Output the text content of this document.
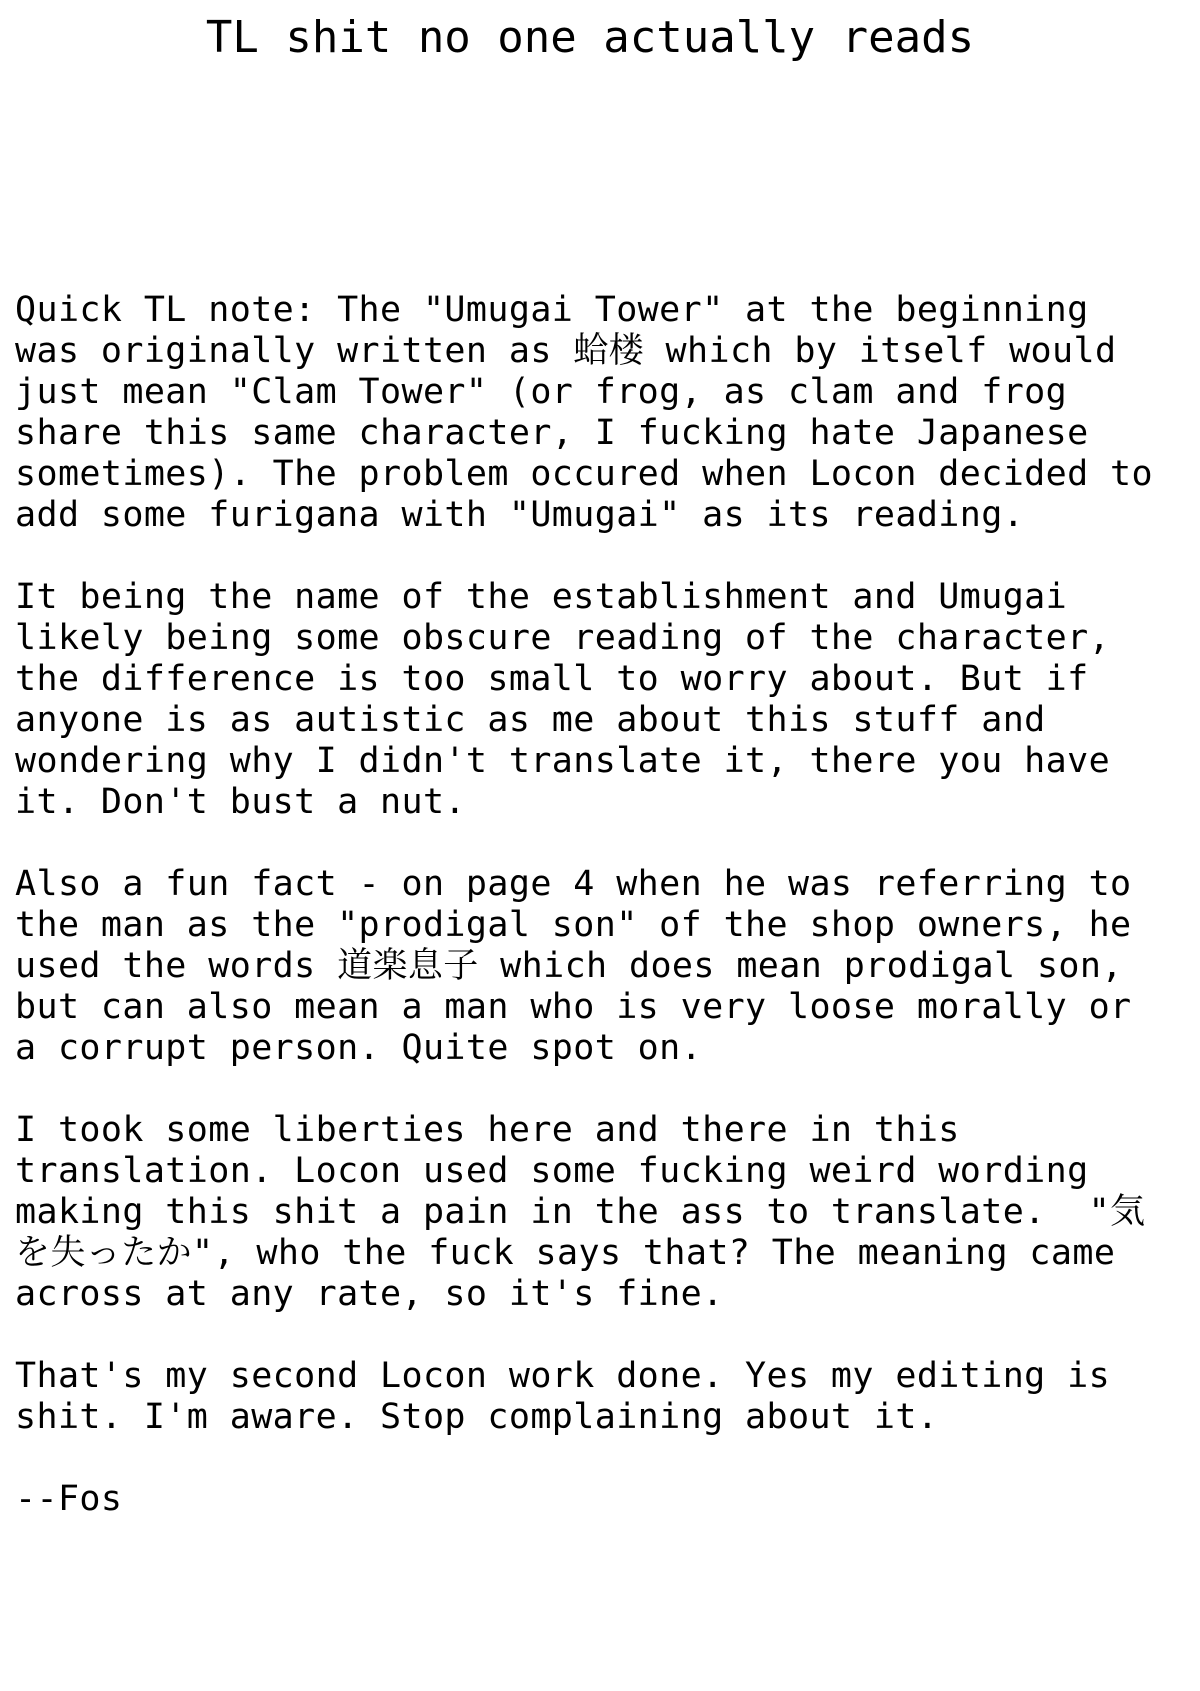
TL shit no one actually reads

Quick TL note: The "Umugai Tower" at the beginning
was originally written as 蛤楼 which by itself would
just mean "Clam Tower" (or frog, as clam and frog
share this same character, I fucking hate Japanese
sometimes). The problem occured when Locon decided to
add some furigana with "Umugai" as its reading.

It being the name of the establishment and Umugai
likely being some obscure reading of the character,
the difference is too small to worry about. But if
anyone is as autistic as me about this stuff and
wondering why I didn't translate it, there you have
it. Don't bust a nut.

Also a fun fact - on page 4 when he was referring to
the man as the "prodigal son" of the shop owners, he
used the words 道楽息子 which does mean prodigal son,
but can also mean a man who is very loose morally or
a corrupt person. Quite spot on.

I took some liberties here and there in this
translation. Locon used some fucking weird wording
making this shit a pain in the ass to translate.  "気
を失ったか", who the fuck says that? The meaning came
across at any rate, so it's fine.

That's my second Locon work done. Yes my editing is
shit. I'm aware. Stop complaining about it.

--Fos
